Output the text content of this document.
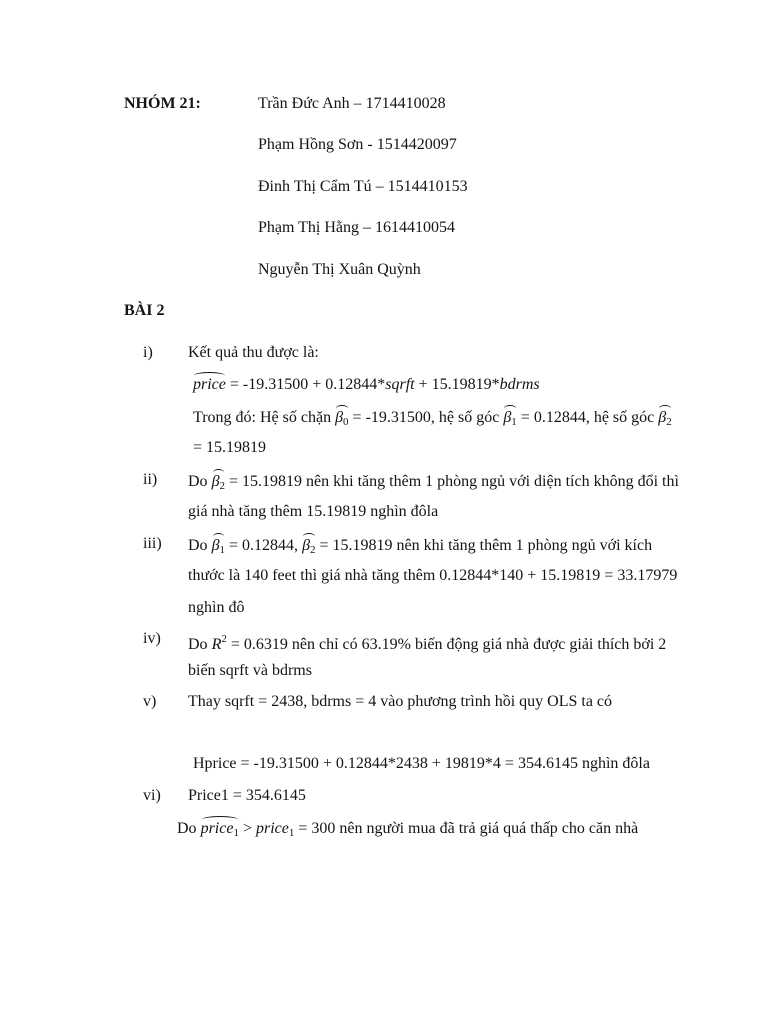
NHÓM 21:	Trần Đức Anh – 1714410028
Phạm Hồng Sơn - 1514420097
Đinh Thị Cẩm Tú – 1514410153
Phạm Thị Hằng – 1614410054
Nguyễn Thị Xuân Quỳnh
BÀI 2
i) Kết quả thu được là:
price = -19.31500 + 0.12844*sqrft + 15.19819*bdrms
Trong đó: Hệ số chặn $\beta_0 = -19.31500$, hệ số góc $\beta_1 = 0.12844$, hệ số góc $\beta_2$
= 15.19819
ii) Do $\beta_2 = 15.19819$ nên khi tăng thêm 1 phòng ngủ với diện tích không đổi thì
giá nhà tăng thêm 15.19819 nghìn đôla
iii) Do $\beta_1 = 0.12844$, $\beta_2 = 15.19819$ nên khi tăng thêm 1 phòng ngủ với kích
thước là 140 feet thì giá nhà tăng thêm 0.12844*140 + 15.19819 = 33.17979
nghìn đô
iv) Do $R^2 = 0.6319$ nên chỉ có 63.19% biến động giá nhà được giải thích bởi 2
biến sqrft và bdrms
v) Thay sqrft = 2438, bdrms = 4 vào phương trình hồi quy OLS ta có
Hprice = -19.31500 + 0.12844*2438 + 19819*4 = 354.6145 nghìn đôla
vi) Price1 = 354.6145
Do price$_1$ > price$_1$ = 300 nên người mua đã trả giá quá thấp cho căn nhà
